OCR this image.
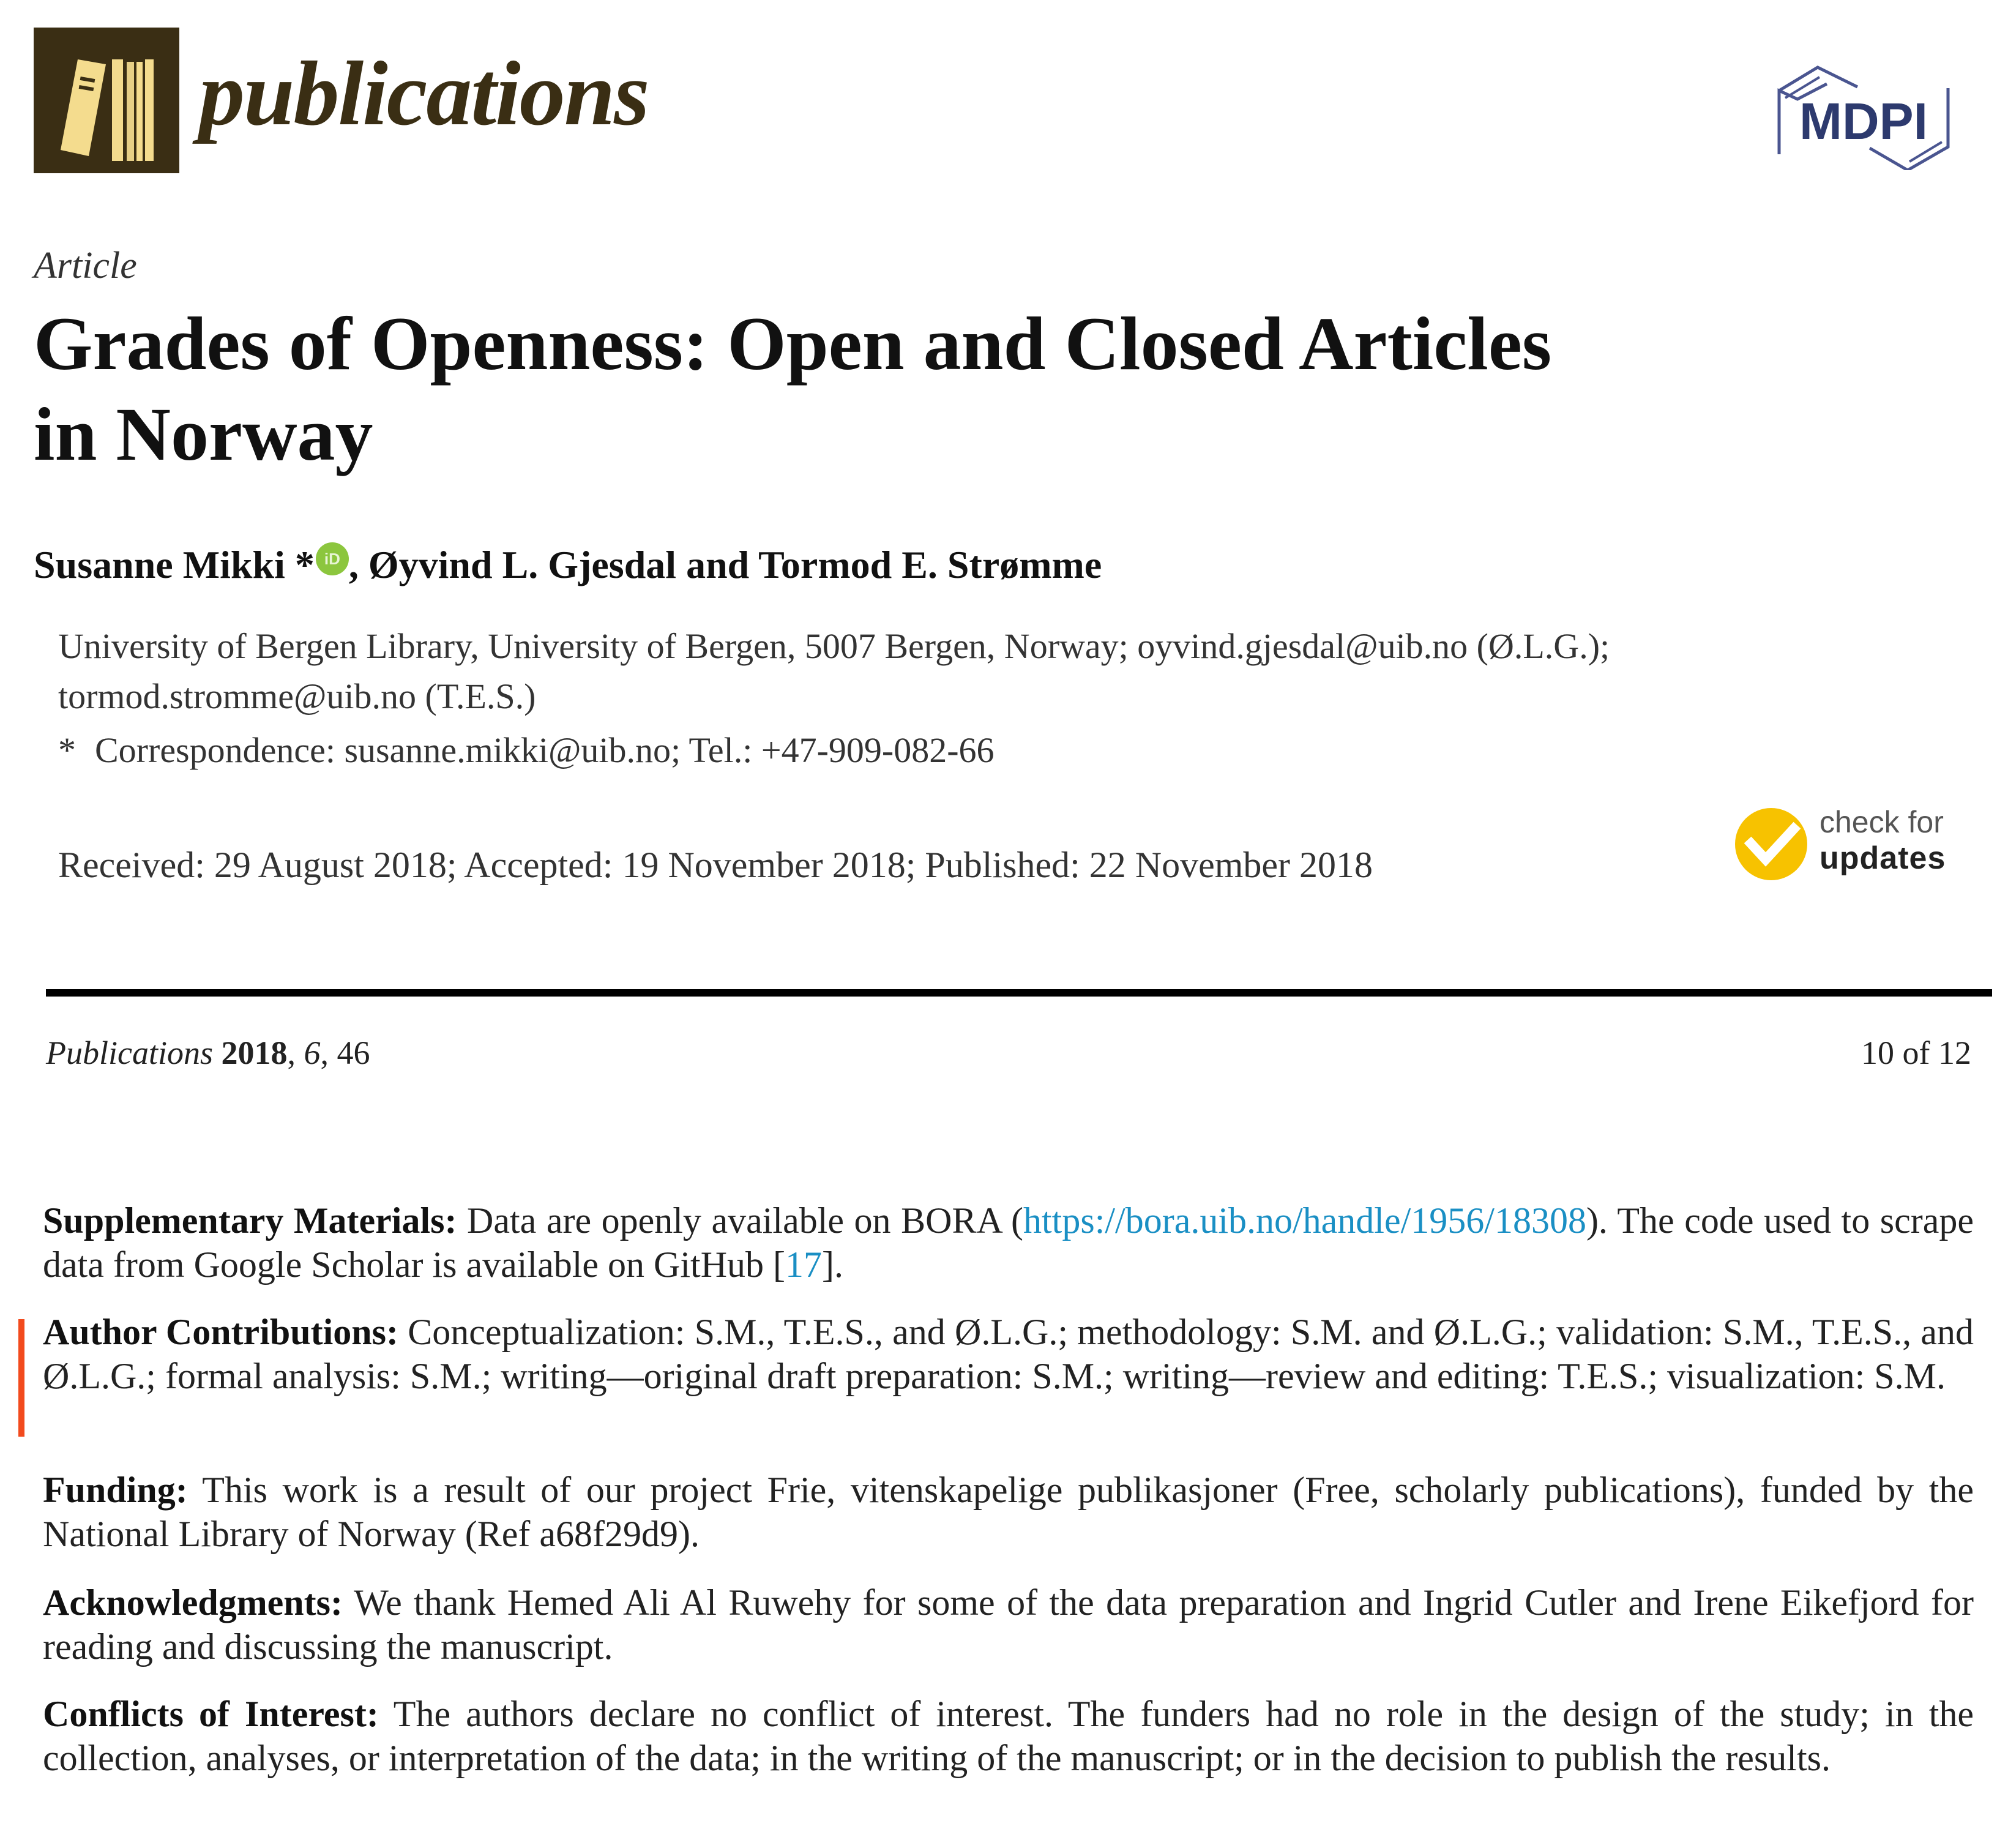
publications	MDPI
Article
Grades of Openness: Open and Closed Articles
in Norway
Susanne Mikki * iD , Øyvind L. Gjesdal and Tormod E. Strømme
University of Bergen Library, University of Bergen, 5007 Bergen, Norway; oyvind.gjesdal@uib.no (Ø.L.G.);
tormod.stromme@uib.no (T.E.S.)
* Correspondence: susanne.mikki@uib.no; Tel.: +47-909-082-66
Received: 29 August 2018; Accepted: 19 November 2018; Published: 22 November 2018
check for
updates
Publications 2018, 6, 46	10 of 12
Supplementary Materials: Data are openly available on BORA (https://bora.uib.no/handle/1956/18308). The code used to scrape data from Google Scholar is available on GitHub [17].
Author Contributions: Conceptualization: S.M., T.E.S., and Ø.L.G.; methodology: S.M. and Ø.L.G.; validation: S.M., T.E.S., and Ø.L.G.; formal analysis: S.M.; writing—original draft preparation: S.M.; writing—review and editing: T.E.S.; visualization: S.M.
Funding: This work is a result of our project Frie, vitenskapelige publikasjoner (Free, scholarly publications), funded by the National Library of Norway (Ref a68f29d9).
Acknowledgments: We thank Hemed Ali Al Ruwehy for some of the data preparation and Ingrid Cutler and Irene Eikefjord for reading and discussing the manuscript.
Conflicts of Interest: The authors declare no conflict of interest. The funders had no role in the design of the study; in the collection, analyses, or interpretation of the data; in the writing of the manuscript; or in the decision to publish the results.
